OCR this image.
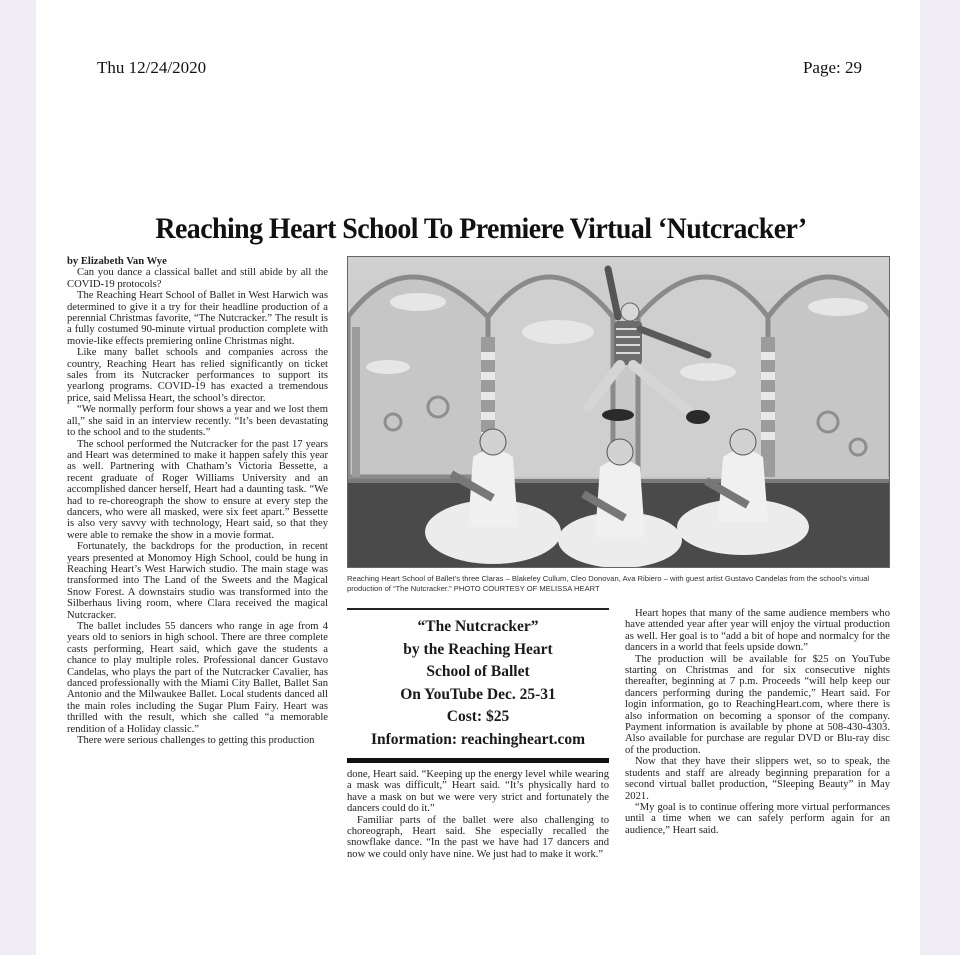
Thu 12/24/2020	Page: 29
Reaching Heart School To Premiere Virtual ‘Nutcracker’

by Elizabeth Van Wye

Can you dance a classical ballet and still abide by all the COVID-19 protocols?

The Reaching Heart School of Ballet in West Harwich was determined to give it a try for their headline production of a perennial Christmas favorite, “The Nutcracker.” The result is a fully costumed 90-minute virtual production complete with movie-like effects premiering online Christmas night.

Like many ballet schools and companies across the country, Reaching Heart has relied significantly on ticket sales from its Nutcracker performances to support its yearlong programs. COVID-19 has exacted a tremendous price, said Melissa Heart, the school’s director.

“We normally perform four shows a year and we lost them all,” she said in an interview recently. “It’s been devastating to the school and to the students.”

The school performed the Nutcracker for the past 17 years and Heart was determined to make it happen safely this year as well. Partnering with Chatham’s Victoria Bessette, a recent graduate of Roger Williams University and an accomplished dancer herself, Heart had a daunting task. “We had to re-choreograph the show to ensure at every step the dancers, who were all masked, were six feet apart.” Bessette is also very savvy with technology, Heart said, so that they were able to remake the show in a movie format.

Fortunately, the backdrops for the production, in recent years presented at Monomoy High School, could be hung in Reaching Heart’s West Harwich studio. The main stage was transformed into The Land of the Sweets and the Magical Snow Forest. A downstairs studio was transformed into the Silberhaus living room, where Clara received the magical Nutcracker.

The ballet includes 55 dancers who range in age from 4 years old to seniors in high school. There are three complete casts performing, Heart said, which gave the students a chance to play multiple roles. Professional dancer Gustavo Candelas, who plays the part of the Nutcracker Cavalier, has danced professionally with the Miami City Ballet, Ballet San Antonio and the Milwaukee Ballet. Local students danced all the main roles including the Sugar Plum Fairy. Heart was thrilled with the result, which she called “a memorable rendition of a Holiday classic.”

There were serious challenges to getting this production

Reaching Heart School of Ballet’s three Claras – Blakeley Cullum, Cleo Donovan, Ava Ribiero – with guest artist Gustavo Candelas from the school’s virtual production of “The Nutcracker.” PHOTO COURTESY OF MELISSA HEART
“The Nutcracker”
by the Reaching Heart
School of Ballet
On YouTube Dec. 25-31
Cost: $25
Information: reachingheart.com

done, Heart said. “Keeping up the energy level while wearing a mask was difficult,” Heart said. “It’s physically hard to have a mask on but we were very strict and fortunately the dancers could do it.”

Familiar parts of the ballet were also challenging to choreograph, Heart said. She especially recalled the snowflake dance. “In the past we have had 17 dancers and now we could only have nine. We just had to make it work.”

Heart hopes that many of the same audience members who have attended year after year will enjoy the virtual production as well. Her goal is to “add a bit of hope and normalcy for the dancers in a world that feels upside down.”

The production will be available for $25 on YouTube starting on Christmas and for six consecutive nights thereafter, beginning at 7 p.m. Proceeds “will help keep our dancers performing during the pandemic,” Heart said. For login information, go to ReachingHeart.com, where there is also information on becoming a sponsor of the company. Payment information is available by phone at 508-430-4303. Also available for purchase are regular DVD or Blu-ray disc of the production.

Now that they have their slippers wet, so to speak, the students and staff are already beginning preparation for a second virtual ballet production, “Sleeping Beauty” in May 2021.

“My goal is to continue offering more virtual performances until a time when we can safely perform again for an audience,” Heart said.
